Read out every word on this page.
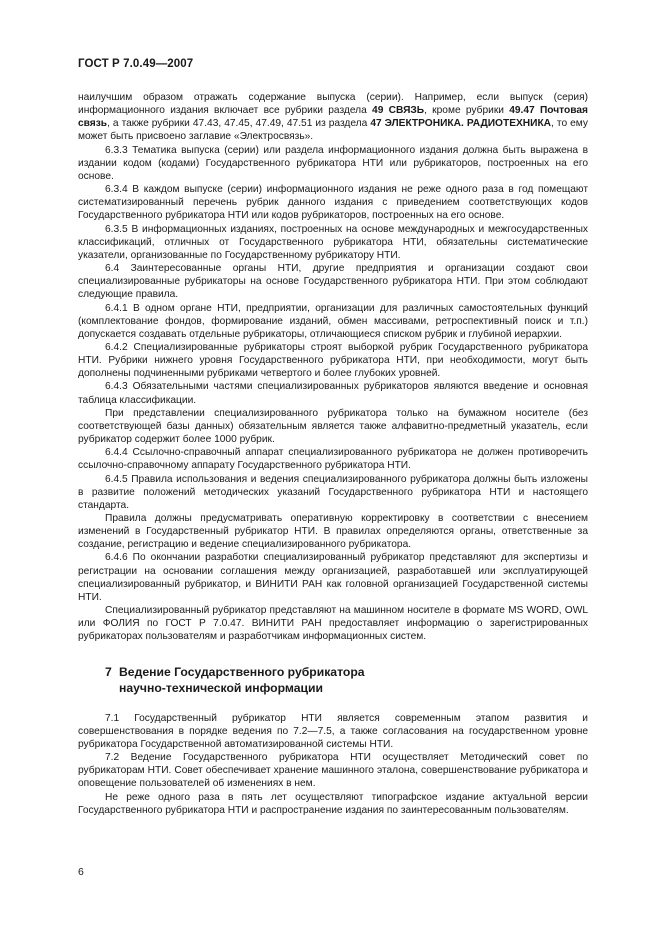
ГОСТ Р 7.0.49—2007

наилучшим образом отражать содержание выпуска (серии). Например, если выпуск (серия) информационного издания включает все рубрики раздела 49 СВЯЗЬ, кроме рубрики 49.47 Почтовая связь, а также рубрики 47.43, 47.45, 47.49, 47.51 из раздела 47 ЭЛЕКТРОНИКА. РАДИОТЕХНИКА, то ему может быть присвоено заглавие «Электросвязь».

6.3.3 Тематика выпуска (серии) или раздела информационного издания должна быть выражена в издании кодом (кодами) Государственного рубрикатора НТИ или рубрикаторов, построенных на его основе.

6.3.4 В каждом выпуске (серии) информационного издания не реже одного раза в год помещают систематизированный перечень рубрик данного издания с приведением соответствующих кодов Государственного рубрикатора НТИ или кодов рубрикаторов, построенных на его основе.

6.3.5 В информационных изданиях, построенных на основе международных и межгосударственных классификаций, отличных от Государственного рубрикатора НТИ, обязательны систематические указатели, организованные по Государственному рубрикатору НТИ.

6.4 Заинтересованные органы НТИ, другие предприятия и организации создают свои специализированные рубрикаторы на основе Государственного рубрикатора НТИ. При этом соблюдают следующие правила.

6.4.1 В одном органе НТИ, предприятии, организации для различных самостоятельных функций (комплектование фондов, формирование изданий, обмен массивами, ретроспективный поиск и т.п.) допускается создавать отдельные рубрикаторы, отличающиеся списком рубрик и глубиной иерархии.

6.4.2 Специализированные рубрикаторы строят выборкой рубрик Государственного рубрикатора НТИ. Рубрики нижнего уровня Государственного рубрикатора НТИ, при необходимости, могут быть дополнены подчиненными рубриками четвертого и более глубоких уровней.

6.4.3 Обязательными частями специализированных рубрикаторов являются введение и основная таблица классификации.

При представлении специализированного рубрикатора только на бумажном носителе (без соответствующей базы данных) обязательным является также алфавитно-предметный указатель, если рубрикатор содержит более 1000 рубрик.

6.4.4 Ссылочно-справочный аппарат специализированного рубрикатора не должен противоречить ссылочно-справочному аппарату Государственного рубрикатора НТИ.

6.4.5 Правила использования и ведения специализированного рубрикатора должны быть изложены в развитие положений методических указаний Государственного рубрикатора НТИ и настоящего стандарта.

Правила должны предусматривать оперативную корректировку в соответствии с внесением изменений в Государственный рубрикатор НТИ. В правилах определяются органы, ответственные за создание, регистрацию и ведение специализированного рубрикатора.

6.4.6 По окончании разработки специализированный рубрикатор представляют для экспертизы и регистрации на основании соглашения между организацией, разработавшей или эксплуатирующей специализированный рубрикатор, и ВИНИТИ РАН как головной организацией Государственной системы НТИ.

Специализированный рубрикатор представляют на машинном носителе в формате MS WORD, OWL или ФОЛИЯ по ГОСТ Р 7.0.47. ВИНИТИ РАН предоставляет информацию о зарегистрированных рубрикаторах пользователям и разработчикам информационных систем.

7 Ведение Государственного рубрикатора
научно-технической информации

7.1 Государственный рубрикатор НТИ является современным этапом развития и совершенствования в порядке ведения по 7.2—7.5, а также согласования на государственном уровне рубрикатора Государственной автоматизированной системы НТИ.

7.2 Ведение Государственного рубрикатора НТИ осуществляет Методический совет по рубрикаторам НТИ. Совет обеспечивает хранение машинного эталона, совершенствование рубрикатора и оповещение пользователей об изменениях в нем.

Не реже одного раза в пять лет осуществляют типографское издание актуальной версии Государственного рубрикатора НТИ и распространение издания по заинтересованным пользователям.

6
